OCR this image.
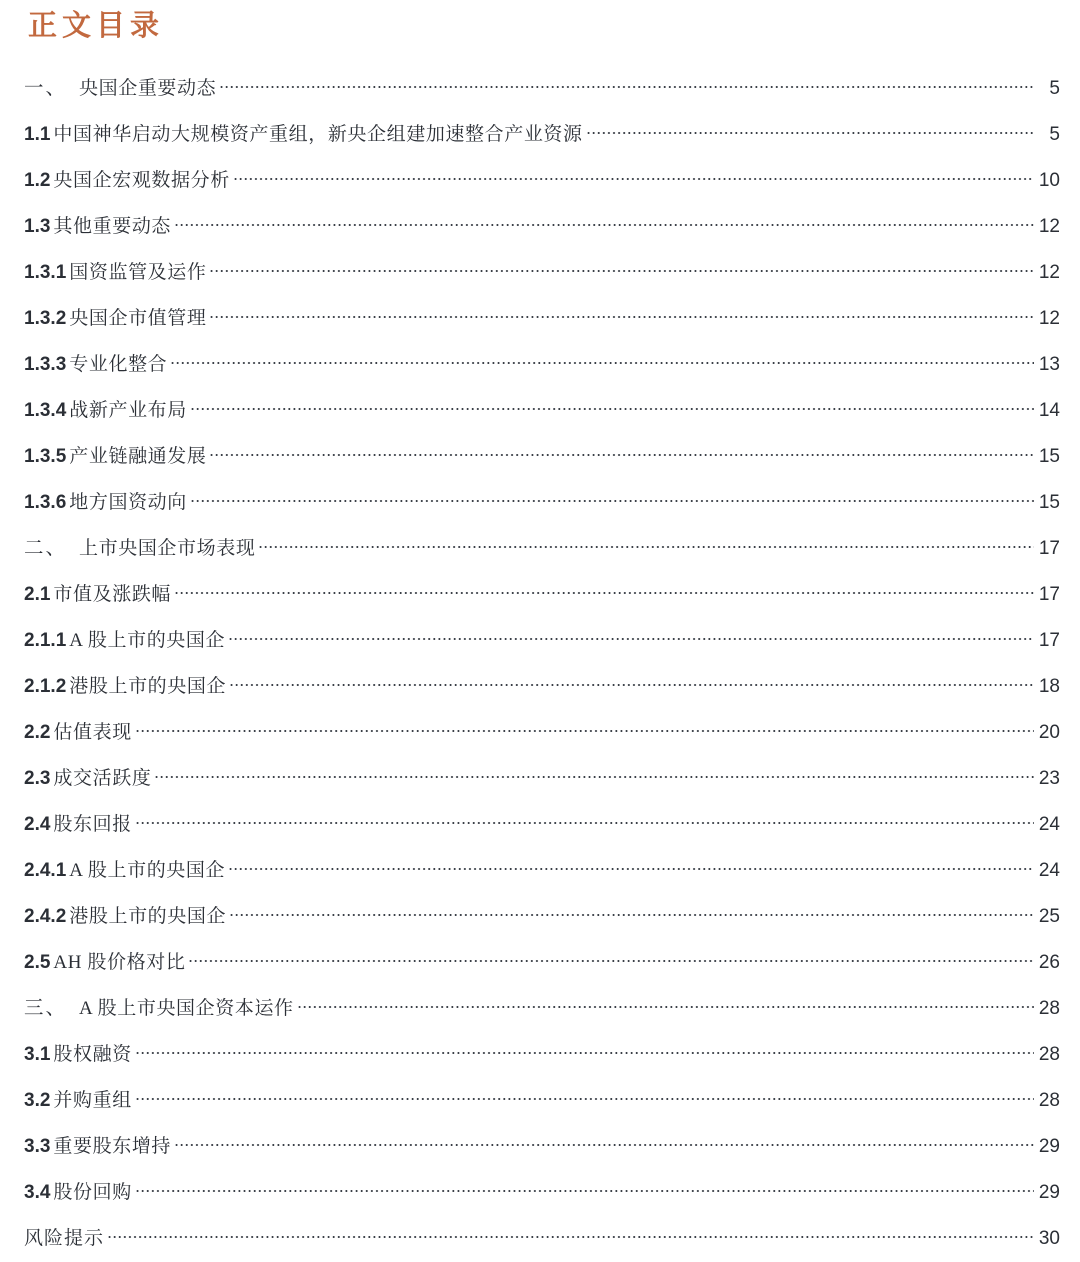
正文目录
一、 央国企重要动态	5
1.1 中国神华启动大规模资产重组，新央企组建加速整合产业资源	5
1.2 央国企宏观数据分析	10
1.3 其他重要动态	12
1.3.1 国资监管及运作	12
1.3.2 央国企市值管理	12
1.3.3 专业化整合	13
1.3.4 战新产业布局	14
1.3.5 产业链融通发展	15
1.3.6 地方国资动向	15
二、 上市央国企市场表现	17
2.1 市值及涨跌幅	17
2.1.1 A 股上市的央国企	17
2.1.2 港股上市的央国企	18
2.2 估值表现	20
2.3 成交活跃度	23
2.4 股东回报	24
2.4.1 A 股上市的央国企	24
2.4.2 港股上市的央国企	25
2.5 AH 股价格对比	26
三、 A 股上市央国企资本运作	28
3.1 股权融资	28
3.2 并购重组	28
3.3 重要股东增持	29
3.4 股份回购	29
风险提示	30
